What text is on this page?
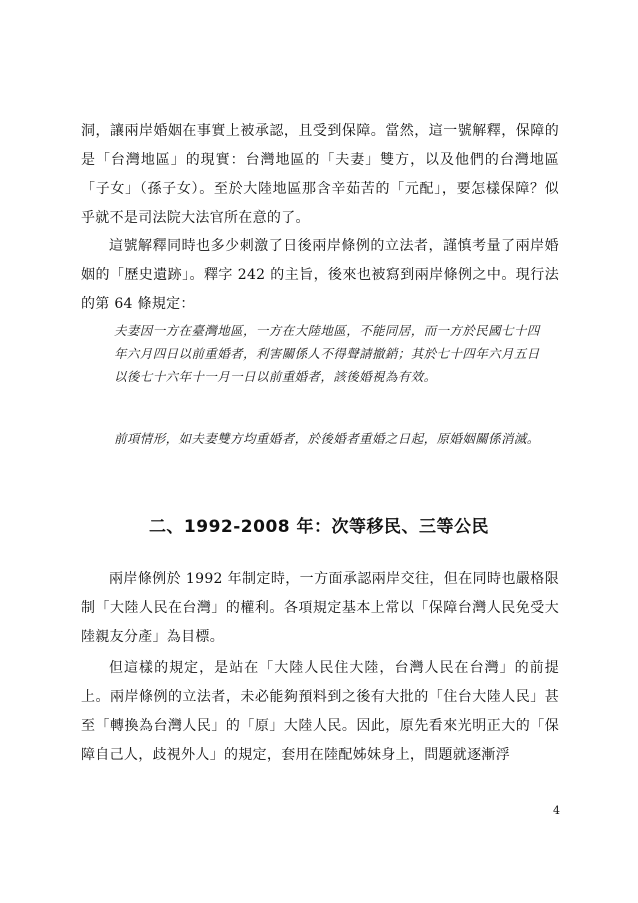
洞，讓兩岸婚姻在事實上被承認，且受到保障。當然，這一號解釋，保障的是「台灣地區」的現實：台灣地區的「夫妻」雙方，以及他們的台灣地區「子女」（孫子女）。至於大陸地區那含辛茹苦的「元配」，要怎樣保障？似乎就不是司法院大法官所在意的了。

這號解釋同時也多少刺激了日後兩岸條例的立法者，謹慎考量了兩岸婚姻的「歷史遺跡」。釋字 242 的主旨，後來也被寫到兩岸條例之中。現行法的第 64 條規定：

夫妻因一方在臺灣地區，一方在大陸地區，不能同居，而一方於民國七十四年六月四日以前重婚者，利害關係人不得聲請撤銷；其於七十四年六月五日以後七十六年十一月一日以前重婚者，該後婚視為有效。

前項情形，如夫妻雙方均重婚者，於後婚者重婚之日起，原婚姻關係消滅。

二、1992-2008 年：次等移民、三等公民

兩岸條例於 1992 年制定時，一方面承認兩岸交往，但在同時也嚴格限制「大陸人民在台灣」的權利。各項規定基本上常以「保障台灣人民免受大陸親友分產」為目標。

但這樣的規定，是站在「大陸人民住大陸，台灣人民在台灣」的前提上。兩岸條例的立法者，未必能夠預料到之後有大批的「住台大陸人民」甚至「轉換為台灣人民」的「原」大陸人民。因此，原先看來光明正大的「保障自己人，歧視外人」的規定，套用在陸配姊妹身上，問題就逐漸浮

4
